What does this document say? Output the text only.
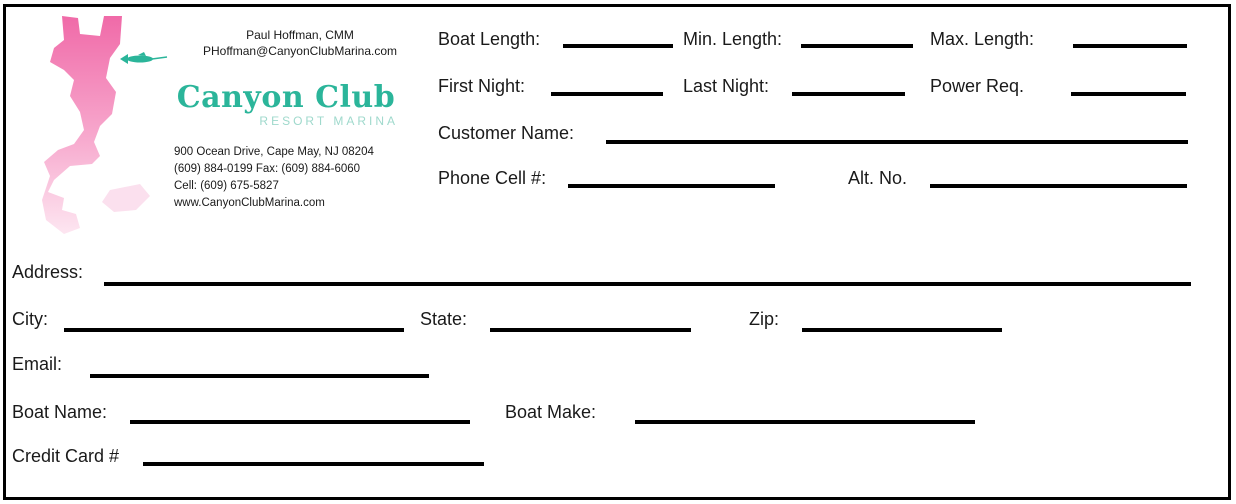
Paul Hoffman, CMM
PHoffman@CanyonClubMarina.com
Canyon Club
RESORT MARINA
900 Ocean Drive, Cape May, NJ 08204
(609) 884-0199 Fax: (609) 884-6060
Cell: (609) 675-5827
www.CanyonClubMarina.com
Boat Length:	Min. Length:	Max. Length:
First Night:	Last Night:	Power Req.
Customer Name:
Phone Cell #:	Alt. No.
Address:
City:	State:	Zip:
Email:
Boat Name:	Boat Make:
Credit Card #
